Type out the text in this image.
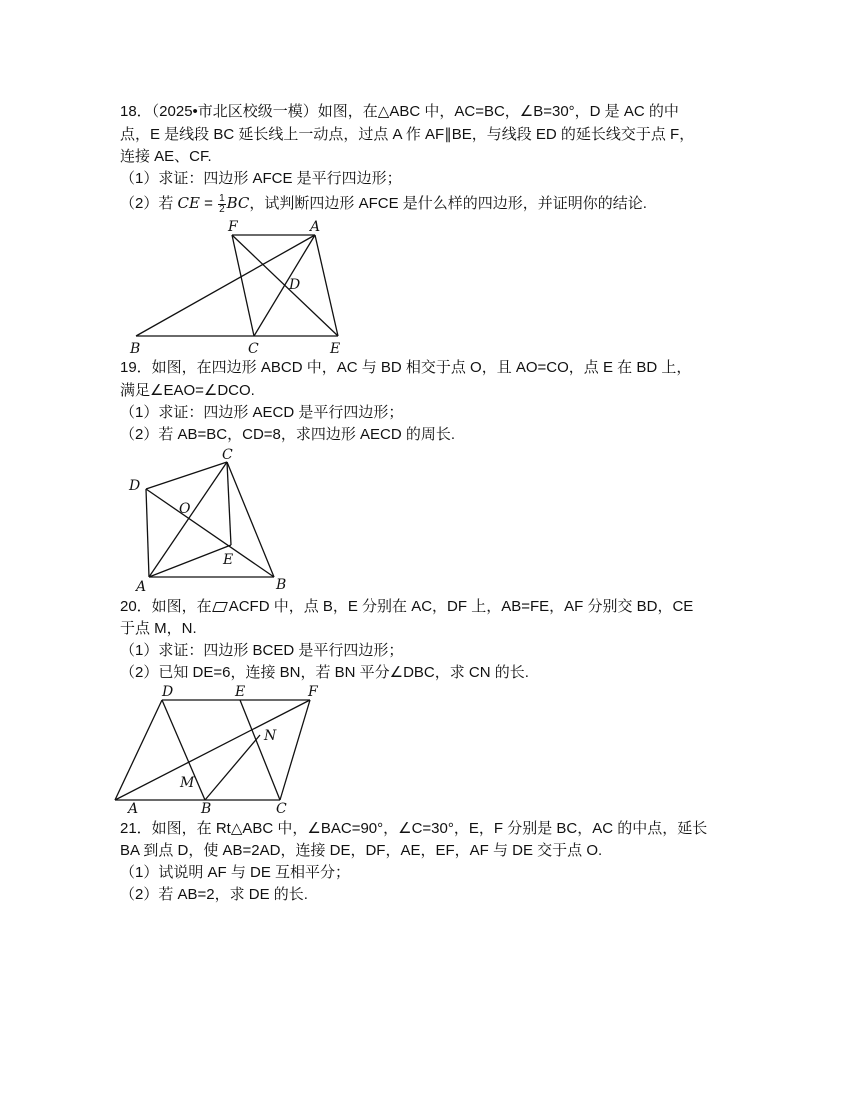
18．（2025•市北区校级一模）如图，在△ABC 中，AC=BC，∠B=30°，D 是 AC 的中
点，E 是线段 BC 延长线上一动点，过点 A 作 AF∥BE，与线段 ED 的延长线交于点 F，
连接 AE、CF.
（1）求证：四边形 AFCE 是平行四边形；
（2）若 CE = $\frac{1}{2}$ BC，试判断四边形 AFCE 是什么样的四边形，并证明你的结论.
F	A
D
B	C	E
19．如图，在四边形 ABCD 中，AC 与 BD 相交于点 O，且 AO=CO，点 E 在 BD 上，
满足∠EAO=∠DCO.
（1）求证：四边形 AECD 是平行四边形；
（2）若 AB=BC，CD=8，求四边形 AECD 的周长.
C
D
O
E
A	B
20．如图，在 ACFD 中，点 B，E 分别在 AC，DF 上，AB=FE，AF 分别交 BD，CE
于点 M，N.
（1）求证：四边形 BCED 是平行四边形；
（2）已知 DE=6，连接 BN，若 BN 平分∠DBC，求 CN 的长.
D	E	F
N
M
A	B	C
21．如图，在 Rt△ABC 中，∠BAC=90°，∠C=30°，E，F 分别是 BC，AC 的中点，延长
BA 到点 D，使 AB=2AD，连接 DE，DF，AE，EF，AF 与 DE 交于点 O.
（1）试说明 AF 与 DE 互相平分；
（2）若 AB=2，求 DE 的长.
